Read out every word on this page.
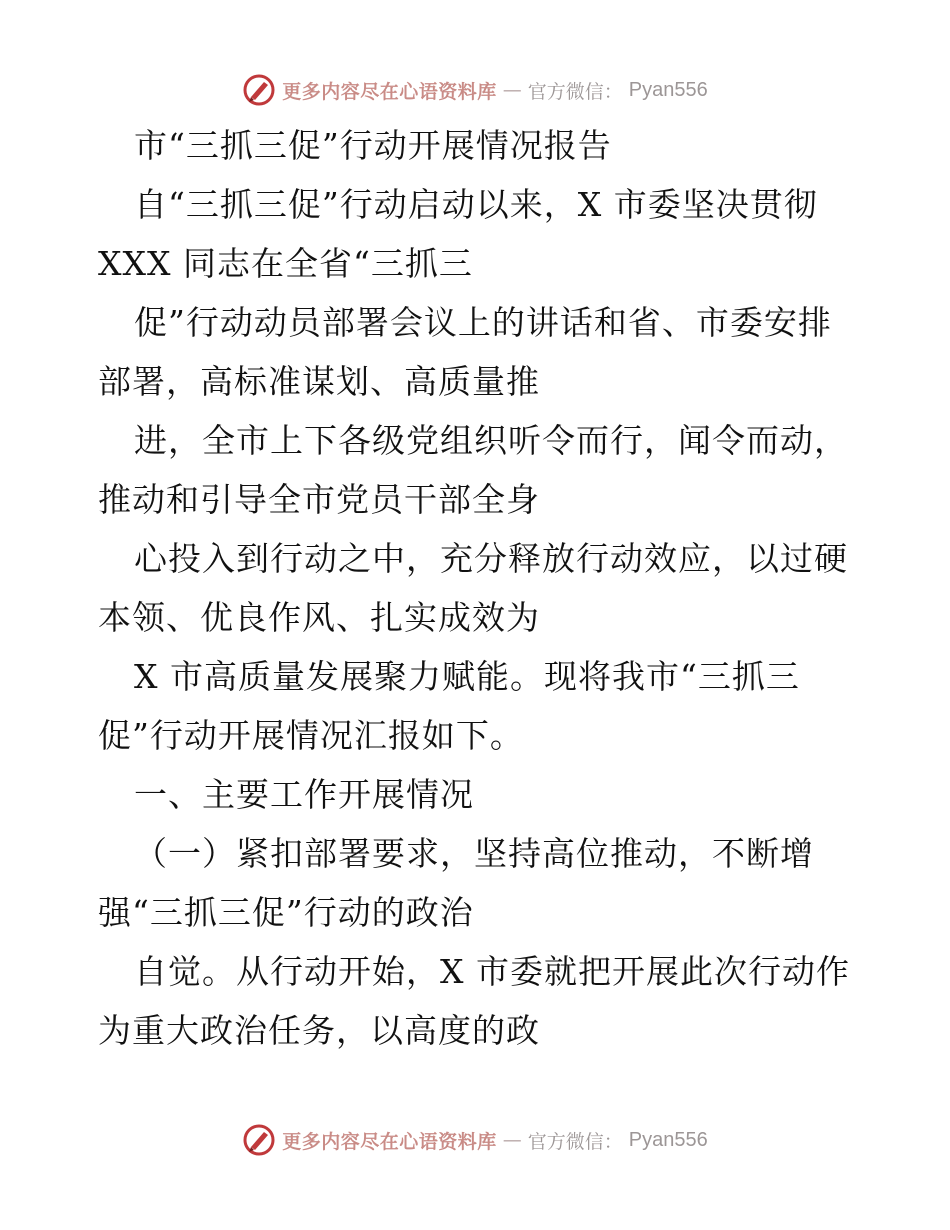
更多内容尽在心语资料库 — 官方微信： Pyan556
市“三抓三促”行动开展情况报告
自“三抓三促”行动启动以来，X 市委坚决贯彻
XXX 同志在全省“三抓三
促”行动动员部署会议上的讲话和省、市委安排
部署，高标准谋划、高质量推
进，全市上下各级党组织听令而行，闻令而动，
推动和引导全市党员干部全身
心投入到行动之中，充分释放行动效应，以过硬
本领、优良作风、扎实成效为
X 市高质量发展聚力赋能。现将我市“三抓三
促”行动开展情况汇报如下。
一、主要工作开展情况
（一）紧扣部署要求，坚持高位推动，不断增
强“三抓三促”行动的政治
自觉。从行动开始，X 市委就把开展此次行动作
为重大政治任务，以高度的政
更多内容尽在心语资料库 — 官方微信： Pyan556
